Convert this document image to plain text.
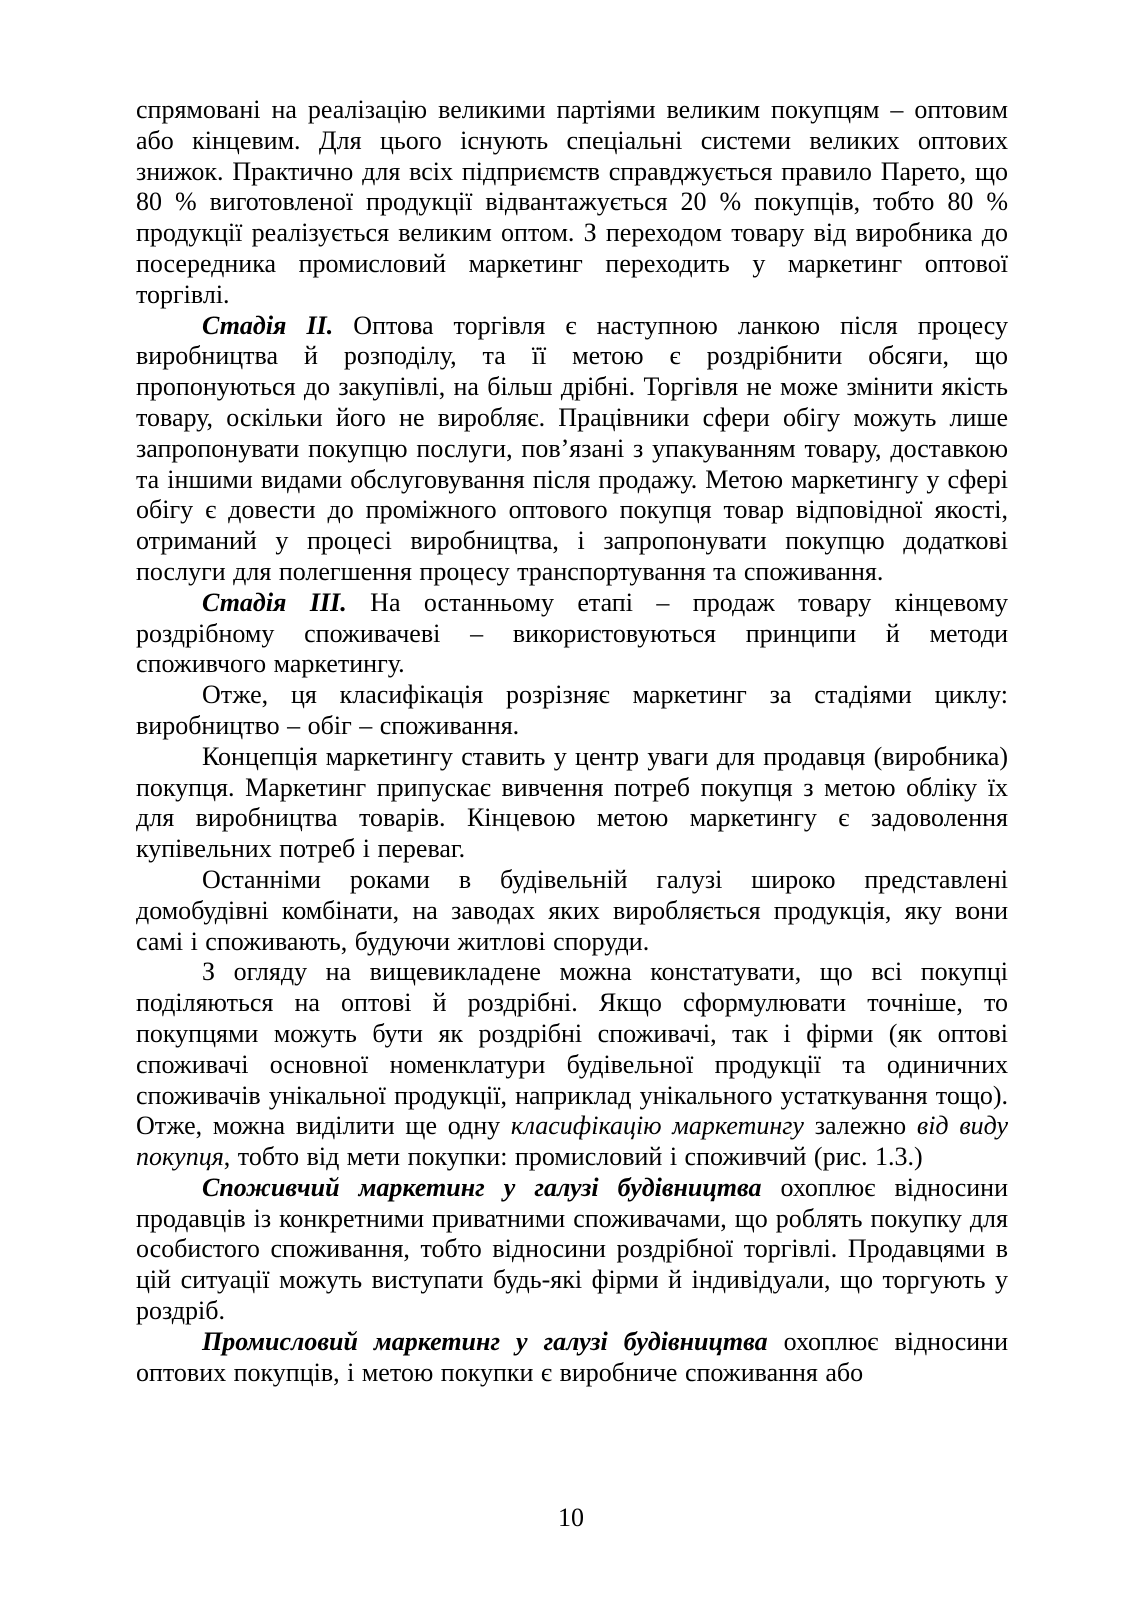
спрямовані на реалізацію великими партіями великим покупцям – оптовим або кінцевим. Для цього існують спеціальні системи великих оптових знижок. Практично для всіх підприємств справджується правило Парето, що 80 % виготовленої продукції відвантажується 20 % покупців, тобто 80 % продукції реалізується великим оптом. З переходом товару від виробника до посередника промисловий маркетинг переходить у маркетинг оптової торгівлі.

Стадія II. Оптова торгівля є наступною ланкою після процесу виробництва й розподілу, та її метою є роздрібнити обсяги, що пропонуються до закупівлі, на більш дрібні. Торгівля не може змінити якість товару, оскільки його не виробляє. Працівники сфери обігу можуть лише запропонувати покупцю послуги, пов’язані з упакуванням товару, доставкою та іншими видами обслуговування після продажу. Метою маркетингу у сфері обігу є довести до проміжного оптового покупця товар відповідної якості, отриманий у процесі виробництва, і запропонувати покупцю додаткові послуги для полегшення процесу транспортування та споживання.

Стадія III. На останньому етапі – продаж товару кінцевому роздрібному споживачеві – використовуються принципи й методи споживчого маркетингу.

Отже, ця класифікація розрізняє маркетинг за стадіями циклу: виробництво – обіг – споживання.

Концепція маркетингу ставить у центр уваги для продавця (виробника) покупця. Маркетинг припускає вивчення потреб покупця з метою обліку їх для виробництва товарів. Кінцевою метою маркетингу є задоволення купівельних потреб і переваг.

Останніми роками в будівельній галузі широко представлені домобудівні комбінати, на заводах яких виробляється продукція, яку вони самі і споживають, будуючи житлові споруди.

З огляду на вищевикладене можна констатувати, що всі покупці поділяються на оптові й роздрібні. Якщо сформулювати точніше, то покупцями можуть бути як роздрібні споживачі, так і фірми (як оптові споживачі основної номенклатури будівельної продукції та одиничних споживачів унікальної продукції, наприклад унікального устаткування тощо). Отже, можна виділити ще одну класифікацію маркетингу залежно від виду покупця, тобто від мети покупки: промисловий і споживчий (рис. 1.3.)

Споживчий маркетинг у галузі будівництва охоплює відносини продавців із конкретними приватними споживачами, що роблять покупку для особистого споживання, тобто відносини роздрібної торгівлі. Продавцями в цій ситуації можуть виступати будь-які фірми й індивідуали, що торгують у роздріб.

Промисловий маркетинг у галузі будівництва охоплює відносини оптових покупців, і метою покупки є виробниче споживання або

10
